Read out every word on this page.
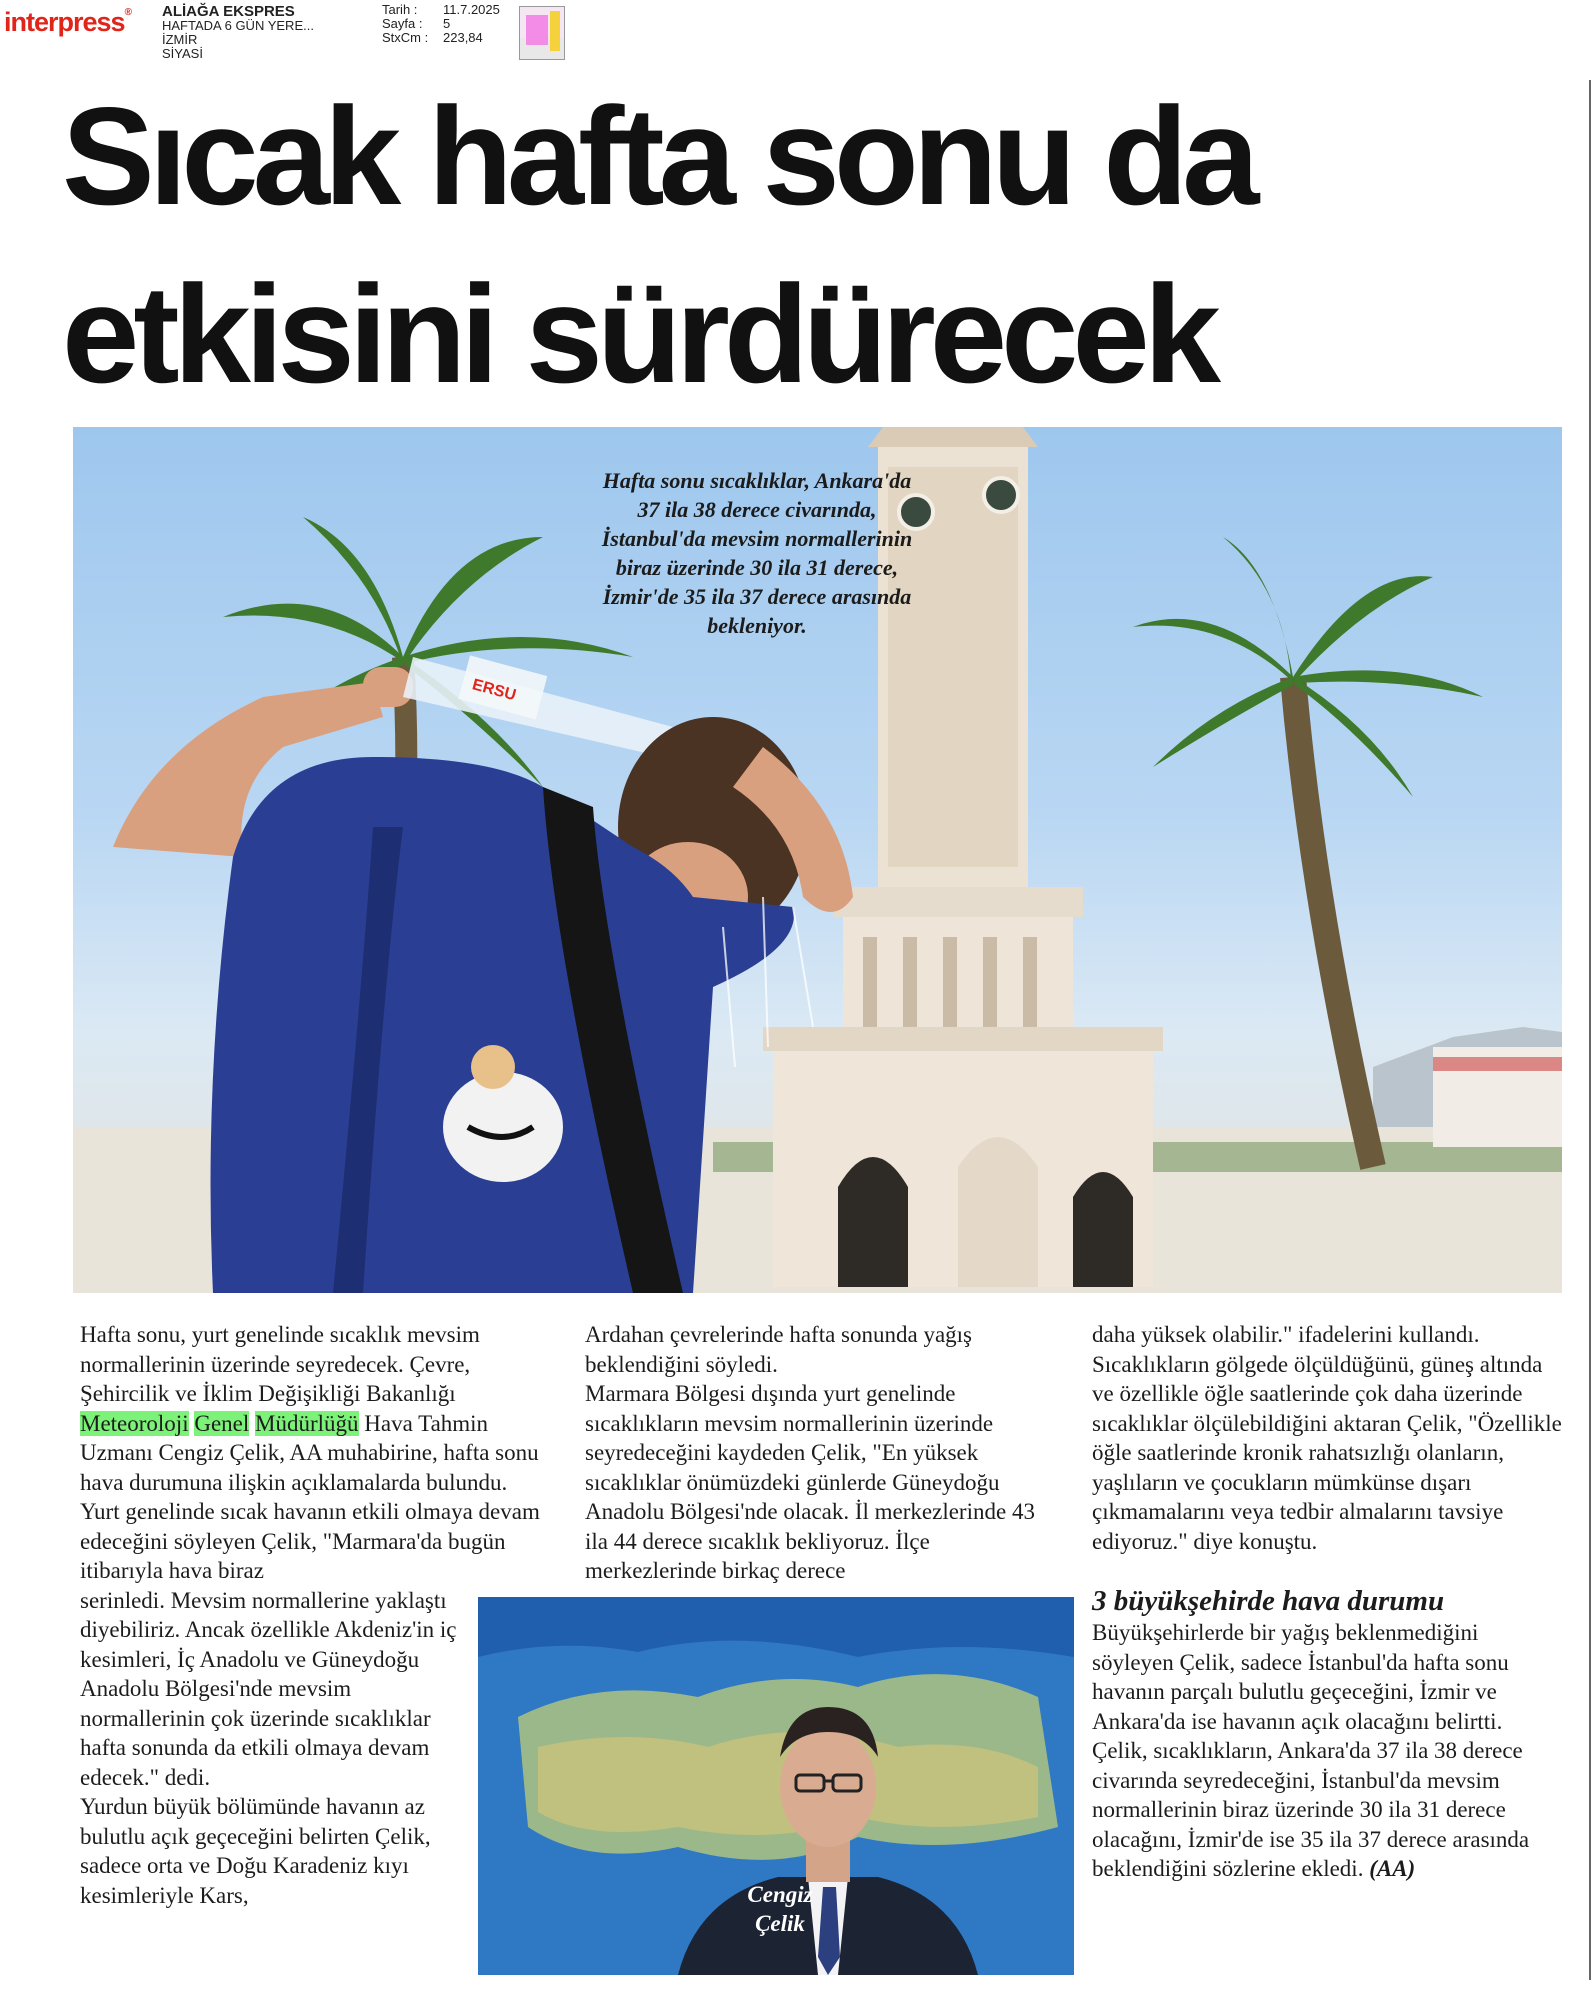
interpress® ALİAĞA EKSPRES
HAFTADA 6 GÜN YERE...
İZMİR
SİYASİ
Tarih :
Sayfa :
StxCm :
11.7.2025
5
223,84
Sıcak hafta sonu da
etkisini sürdürecek
ERSU
Hafta sonu sıcaklıklar, Ankara'da 37 ila 38 derece civarında, İstanbul'da mevsim normallerinin biraz üzerinde 30 ila 31 derece, İzmir'de 35 ila 37 derece arasında bekleniyor.

Hafta sonu, yurt genelinde sıcaklık mevsim normallerinin üzerinde seyredecek. Çevre, Şehircilik ve İklim Değişikliği Bakanlığı Meteoroloji Genel Müdürlüğü Hava Tahmin Uzmanı Cengiz Çelik, AA muhabirine, hafta sonu hava durumuna ilişkin açıklamalarda bulundu.

Yurt genelinde sıcak havanın etkili olmaya devam edeceğini söyleyen Çelik, "Marmara'da bugün itibarıyla hava biraz
serinledi. Mevsim normallerine yaklaştı diyebiliriz. Ancak özellikle Akdeniz'in iç kesimleri, İç Anadolu ve Güneydoğu Anadolu Bölgesi'nde mevsim normallerinin çok üzerinde sıcaklıklar hafta sonunda da etkili olmaya devam edecek." dedi.

Yurdun büyük bölümünde havanın az bulutlu açık geçeceğini belirten Çelik, sadece orta ve Doğu Karadeniz kıyı kesimleriyle Kars,

Ardahan çevrelerinde hafta sonunda yağış beklendiğini söyledi.

Marmara Bölgesi dışında yurt genelinde sıcaklıkların mevsim normallerinin üzerinde seyredeceğini kaydeden Çelik, "En yüksek sıcaklıklar önümüzdeki günlerde Güneydoğu Anadolu Bölgesi'nde olacak. İl merkezlerinde 43 ila 44 derece sıcaklık bekliyoruz. İlçe merkezlerinde birkaç derece

daha yüksek olabilir." ifadelerini kullandı.

Sıcaklıkların gölgede ölçüldüğünü, güneş altında ve özellikle öğle saatlerinde çok daha üzerinde sıcaklıklar ölçülebildiğini aktaran Çelik, "Özellikle öğle saatlerinde kronik rahatsızlığı olanların, yaşlıların ve çocukların mümkünse dışarı çıkmamalarını veya tedbir almalarını tavsiye ediyoruz." diye konuştu.

3 büyükşehirde hava durumu

Büyükşehirlerde bir yağış beklenmediğini söyleyen Çelik, sadece İstanbul'da hafta sonu havanın parçalı bulutlu geçeceğini, İzmir ve Ankara'da ise havanın açık olacağını belirtti.

Çelik, sıcaklıkların, Ankara'da 37 ila 38 derece civarında seyredeceğini, İstanbul'da mevsim normallerinin biraz üzerinde 30 ila 31 derece olacağını, İzmir'de ise 35 ila 37 derece arasında beklendiğini sözlerine ekledi. (AA)

Cengiz
Çelik
